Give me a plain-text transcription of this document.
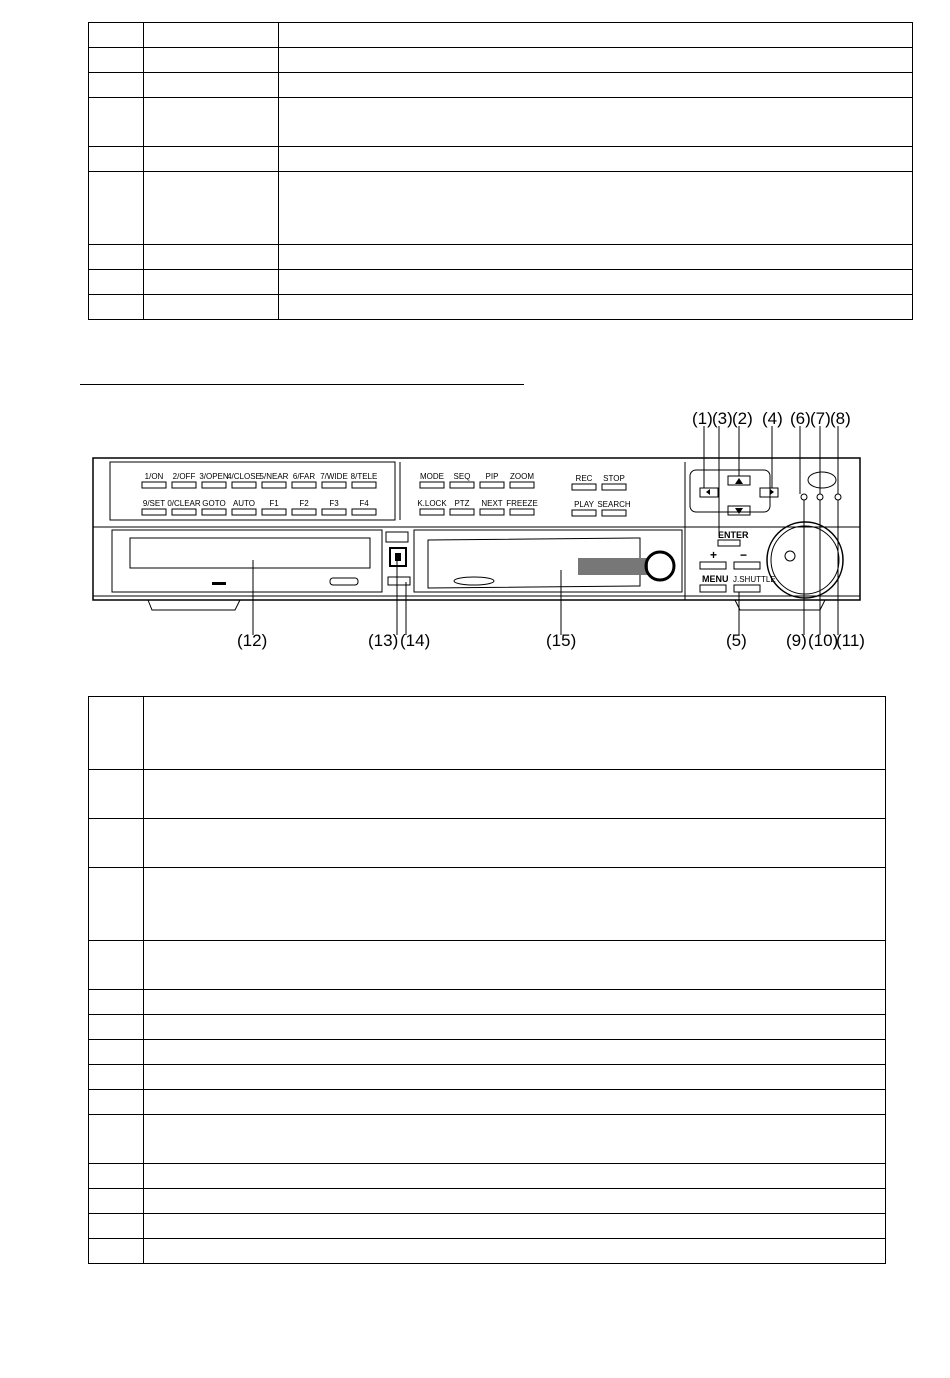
1/ON 2/OFF 3/OPEN
4/CLOSE
5/NEAR 6/FAR 7/WIDE 8/TELE
9/SET 0/CLEAR GOTO AUTO F1	F2	F3	F4
MODE SEQ PIP ZOOM
K.LOCK PTZ NEXT FREEZE
REC STOP
PLAY SEARCH
ENTER
+ −
MENU J.SHUTTLE
(1) (3) (2) (4) (6) (7) (8)
(12)	(13) (14)	(15)	(5) (9) (10)
(11)
